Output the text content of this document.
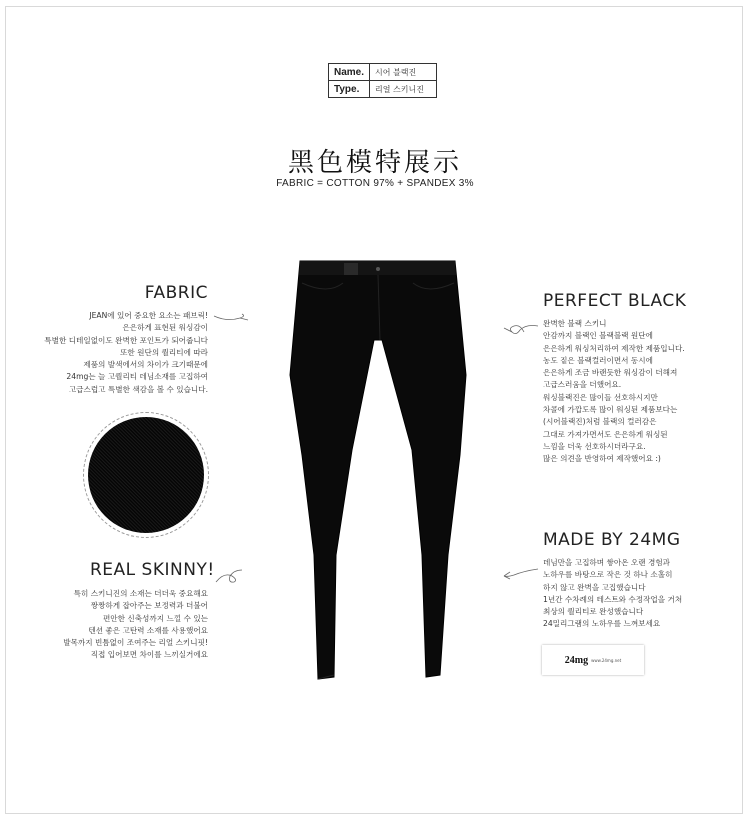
Name.	시어 블랙진
Type.	리얼 스키니진
黑色模特展示
FABRIC = COTTON 97% + SPANDEX 3%
FABRIC
JEAN에 있어 중요한 요소는 패브릭!
은은하게 표현된 워싱감이
특별한 디테일없이도 완벽한 포인트가 되어줍니다
또한 원단의 퀄리티에 따라
제품의 발색에서의 차이가 크기때문에
24mg는 늘 고퀄리티 데님소재를 고집하여
고급스럽고 특별한 색감을 볼 수 있습니다.
REAL SKINNY!
특히 스키니진의 소재는 더더욱 중요해요
짱짱하게 잡아주는 보정력과 더불어
편안한 신축성까지 느낄 수 있는
텐션 좋은 고탄력 소재를 사용했어요
발목까지 빈틈없이 조여주는 리얼 스키니핏!
직접 입어보면 차이를 느끼실거에요
PERFECT BLACK
완벽한 블랙 스키니
안감까지 블랙인 블랙블랙 원단에
은은하게 워싱처리하여 제작한 제품입니다.
농도 짙은 블랙컬러이면서 동시에
은은하게 조금 바랜듯한 워싱감이 더해져
고급스러움을 더했어요.
워싱블랙진은 많이들 선호하시지만
차콜에 가깝도록 많이 워싱된 제품보다는
(시어블랙진)처럼 블랙의 컬러감은
그대로 가져가면서도 은은하게 워싱된
느낌을 더욱 선호하시더라구요.
많은 의견을 반영하여 제작했어요 :)
MADE BY 24MG
데님만을 고집하며 쌓아온 오랜 경험과
노하우를 바탕으로 작은 것 하나 소홀히
하지 않고 완벽을 고집했습니다
1년간 수차례의 테스트와 수정작업을 거쳐
최상의 퀄리티로 완성했습니다
24밀리그램의 노하우를 느껴보세요
24mg www.24mg.net
